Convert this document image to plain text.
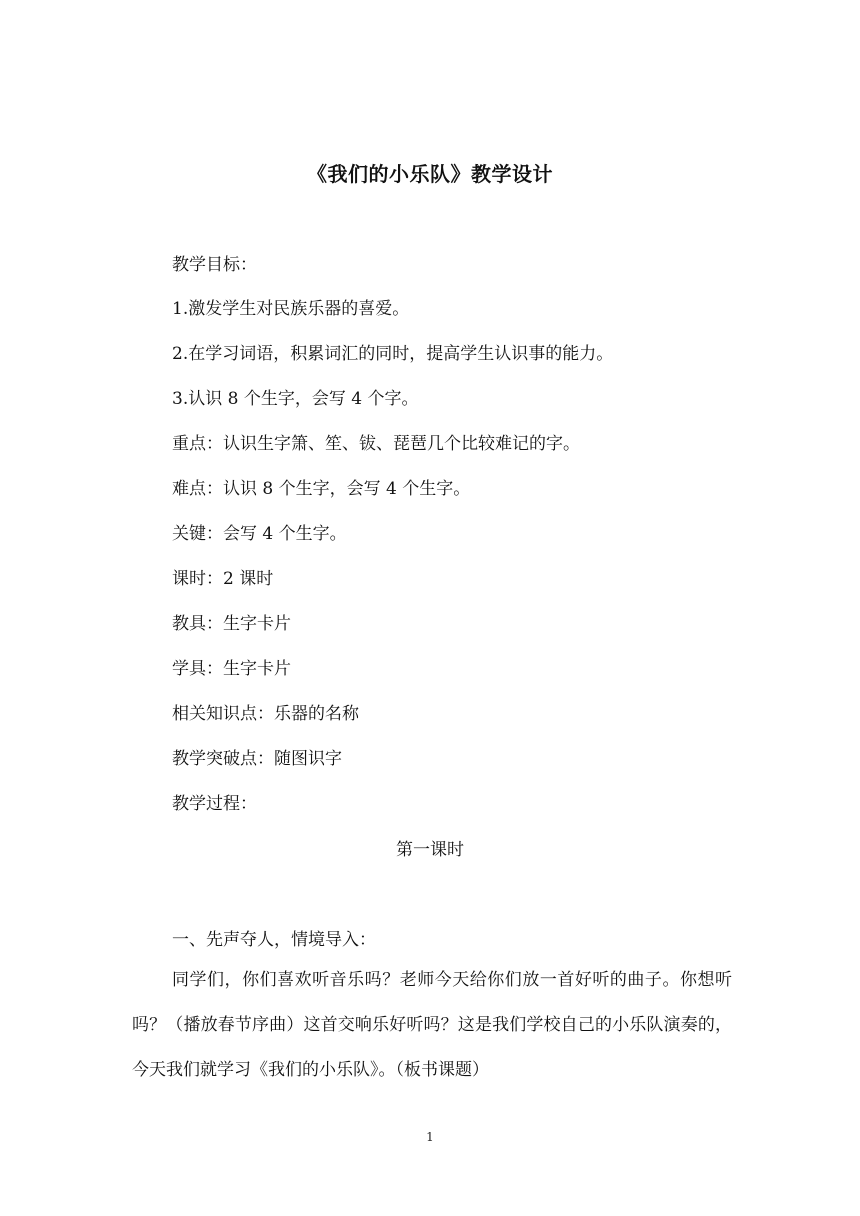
《我们的小乐队》教学设计
教学目标：
1.激发学生对民族乐器的喜爱。
2.在学习词语，积累词汇的同时，提高学生认识事的能力。
3.认识 8 个生字，会写 4 个字。
重点：认识生字箫、笙、钹、琵琶几个比较难记的字。
难点：认识 8 个生字，会写 4 个生字。
关键：会写 4 个生字。
课时：2 课时
教具：生字卡片
学具：生字卡片
相关知识点：乐器的名称
教学突破点：随图识字
教学过程：
第一课时
一、先声夺人，情境导入：
同学们，你们喜欢听音乐吗？老师今天给你们放一首好听的曲子。你想听吗？（播放春节序曲）这首交响乐好听吗？这是我们学校自己的小乐队演奏的，今天我们就学习《我们的小乐队》。（板书课题）
1
